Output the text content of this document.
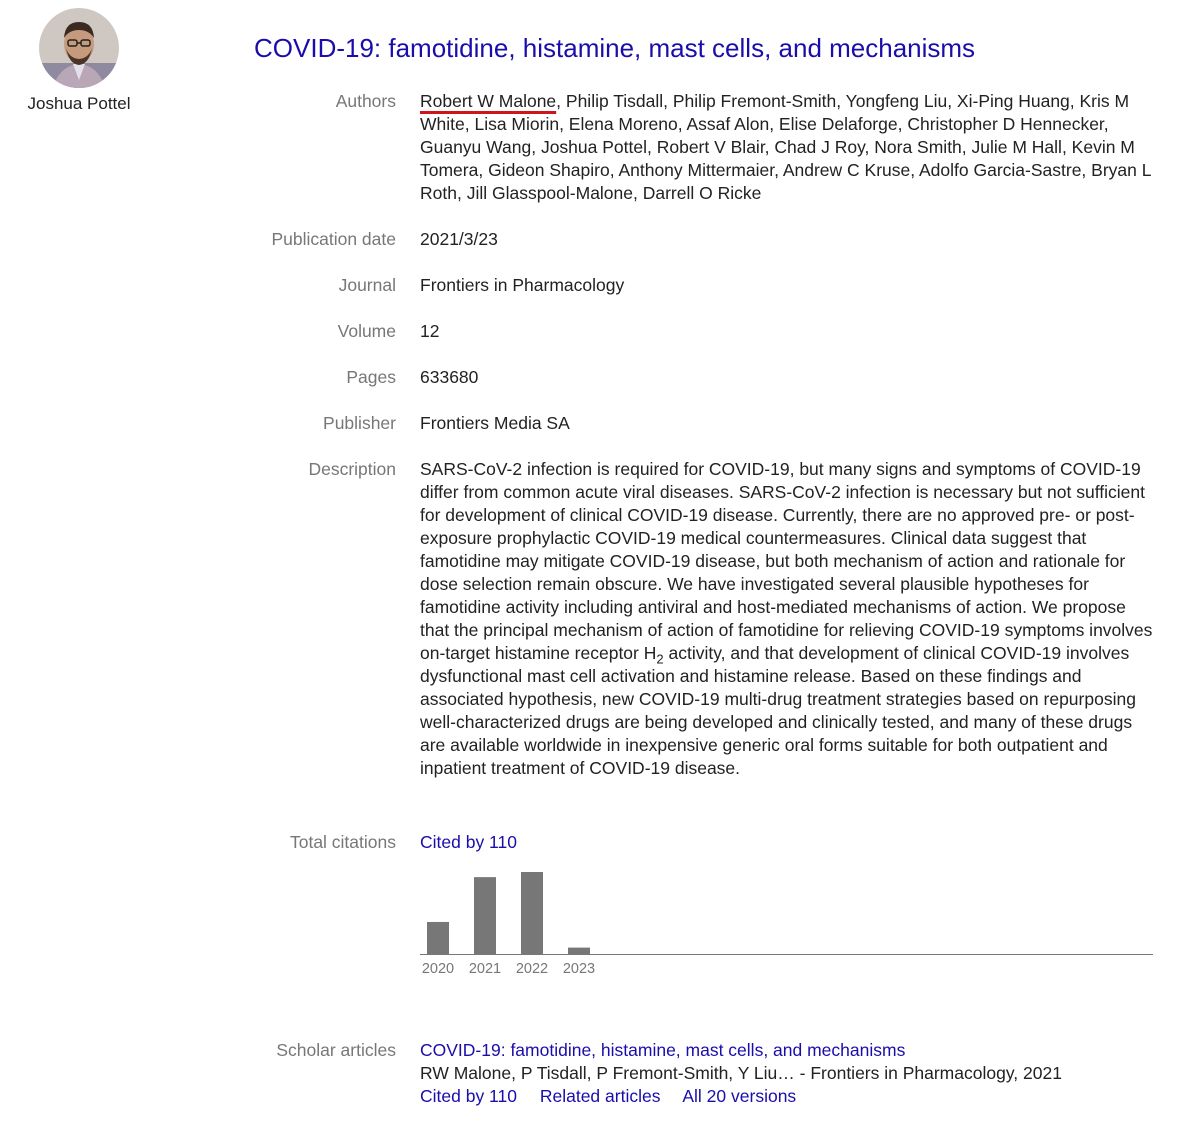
Joshua Pottel
COVID-19: famotidine, histamine, mast cells, and mechanisms
Authors Robert W Malone, Philip Tisdall, Philip Fremont-Smith, Yongfeng Liu, Xi-Ping Huang, Kris M White, Lisa Miorin, Elena Moreno, Assaf Alon, Elise Delaforge, Christopher D Hennecker, Guanyu Wang, Joshua Pottel, Robert V Blair, Chad J Roy, Nora Smith, Julie M Hall, Kevin M Tomera, Gideon Shapiro, Anthony Mittermaier, Andrew C Kruse, Adolfo Garcia-Sastre, Bryan L Roth, Jill Glasspool-Malone, Darrell O Ricke
Publication date 2021/3/23
Journal Frontiers in Pharmacology
Volume 12
Pages 633680
Publisher Frontiers Media SA
Description SARS-CoV-2 infection is required for COVID-19, but many signs and symptoms of COVID-19 differ from common acute viral diseases. SARS-CoV-2 infection is necessary but not sufficient for development of clinical COVID-19 disease. Currently, there are no approved pre- or post-exposure prophylactic COVID-19 medical countermeasures. Clinical data suggest that famotidine may mitigate COVID-19 disease, but both mechanism of action and rationale for dose selection remain obscure. We have investigated several plausible hypotheses for famotidine activity including antiviral and host-mediated mechanisms of action. We propose that the principal mechanism of action of famotidine for relieving COVID-19 symptoms involves on-target histamine receptor $H_2$ activity, and that development of clinical COVID-19 involves dysfunctional mast cell activation and histamine release. Based on these findings and associated hypothesis, new COVID-19 multi-drug treatment strategies based on repurposing well-characterized drugs are being developed and clinically tested, and many of these drugs are available worldwide in inexpensive generic oral forms suitable for both outpatient and inpatient treatment of COVID-19 disease.
Total citations Cited by 110
Scholar articles COVID-19: famotidine, histamine, mast cells, and mechanisms
RW Malone, P Tisdall, P Fremont-Smith, Y Liu… - Frontiers in Pharmacology, 2021
Cited by 110 Related articles All 20 versions
2020 2021 2022 2023
